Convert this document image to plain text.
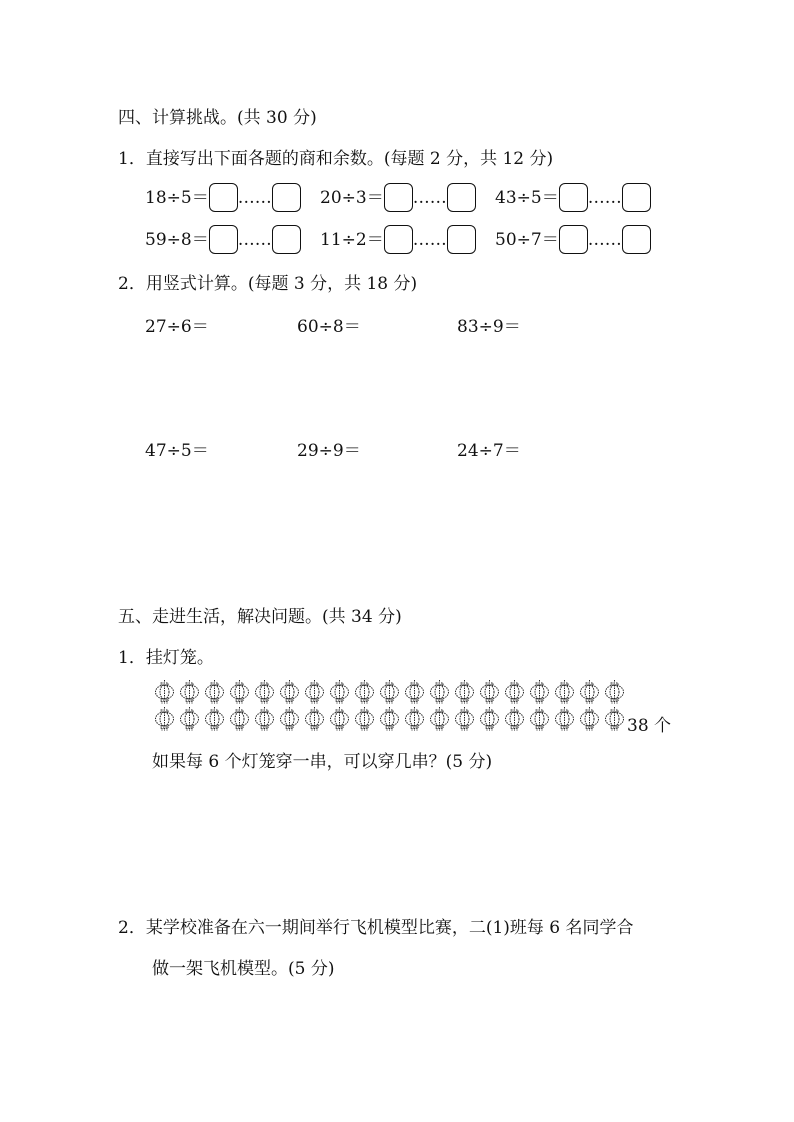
四、计算挑战。(共 30 分)
1．直接写出下面各题的商和余数。(每题 2 分，共 12 分)
18÷5＝ ……	20÷3＝ ……	43÷5＝ ……
59÷8＝ ……	11÷2＝ ……	50÷7＝ ……
2．用竖式计算。(每题 3 分，共 18 分)
27÷6＝	60÷8＝	83÷9＝
47÷5＝	29÷9＝	24÷7＝
五、走进生活，解决问题。(共 34 分)
1．挂灯笼。
38 个
如果每 6 个灯笼穿一串，可以穿几串？(5 分)
2．某学校准备在六一期间举行飞机模型比赛，二(1)班每 6 名同学合
做一架飞机模型。(5 分)
